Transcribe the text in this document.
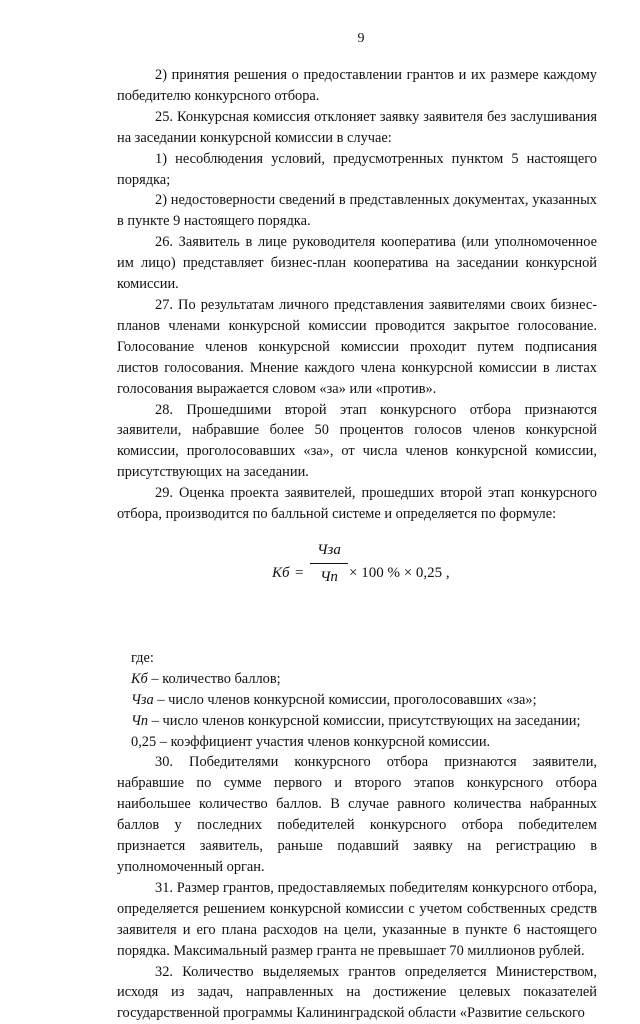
9

2) принятия решения о предоставлении грантов и их размере каждому победителю конкурсного отбора.

25. Конкурсная комиссия отклоняет заявку заявителя без заслушивания на заседании конкурсной комиссии в случае:

1) несоблюдения условий, предусмотренных пунктом 5 настоящего порядка;

2) недостоверности сведений в представленных документах, указанных в пункте 9 настоящего порядка.

26. Заявитель в лице руководителя кооператива (или уполномоченное им лицо) представляет бизнес-план кооператива на заседании конкурсной комиссии.

27. По результатам личного представления заявителями своих бизнес-планов членами конкурсной комиссии проводится закрытое голосование. Голосование членов конкурсной комиссии проходит путем подписания листов голосования. Мнение каждого члена конкурсной комиссии в листах голосования выражается словом «за» или «против».

28. Прошедшими второй этап конкурсного отбора признаются заявители, набравшие более 50 процентов голосов членов конкурсной комиссии, проголосовавших «за», от числа членов конкурсной комиссии, присутствующих на заседании.

29. Оценка проекта заявителей, прошедших второй этап конкурсного отбора, производится по балльной системе и определяется по формуле:

Кб =
Чза
Чп × 100 % × 0,25 ,

где:

Кб – количество баллов;

Чза – число членов конкурсной комиссии, проголосовавших «за»;

Чп – число членов конкурсной комиссии, присутствующих на заседании;

0,25 – коэффициент участия членов конкурсной комиссии.

30. Победителями конкурсного отбора признаются заявители, набравшие по сумме первого и второго этапов конкурсного отбора наибольшее количество баллов. В случае равного количества набранных баллов у последних победителей конкурсного отбора победителем признается заявитель, раньше подавший заявку на регистрацию в уполномоченный орган.

31. Размер грантов, предоставляемых победителям конкурсного отбора, определяется решением конкурсной комиссии с учетом собственных средств заявителя и его плана расходов на цели, указанные в пункте 6 настоящего порядка. Максимальный размер гранта не превышает 70 миллионов рублей.

32. Количество выделяемых грантов определяется Министерством, исходя из задач, направленных на достижение целевых показателей государственной программы Калининградской области «Развитие сельского
